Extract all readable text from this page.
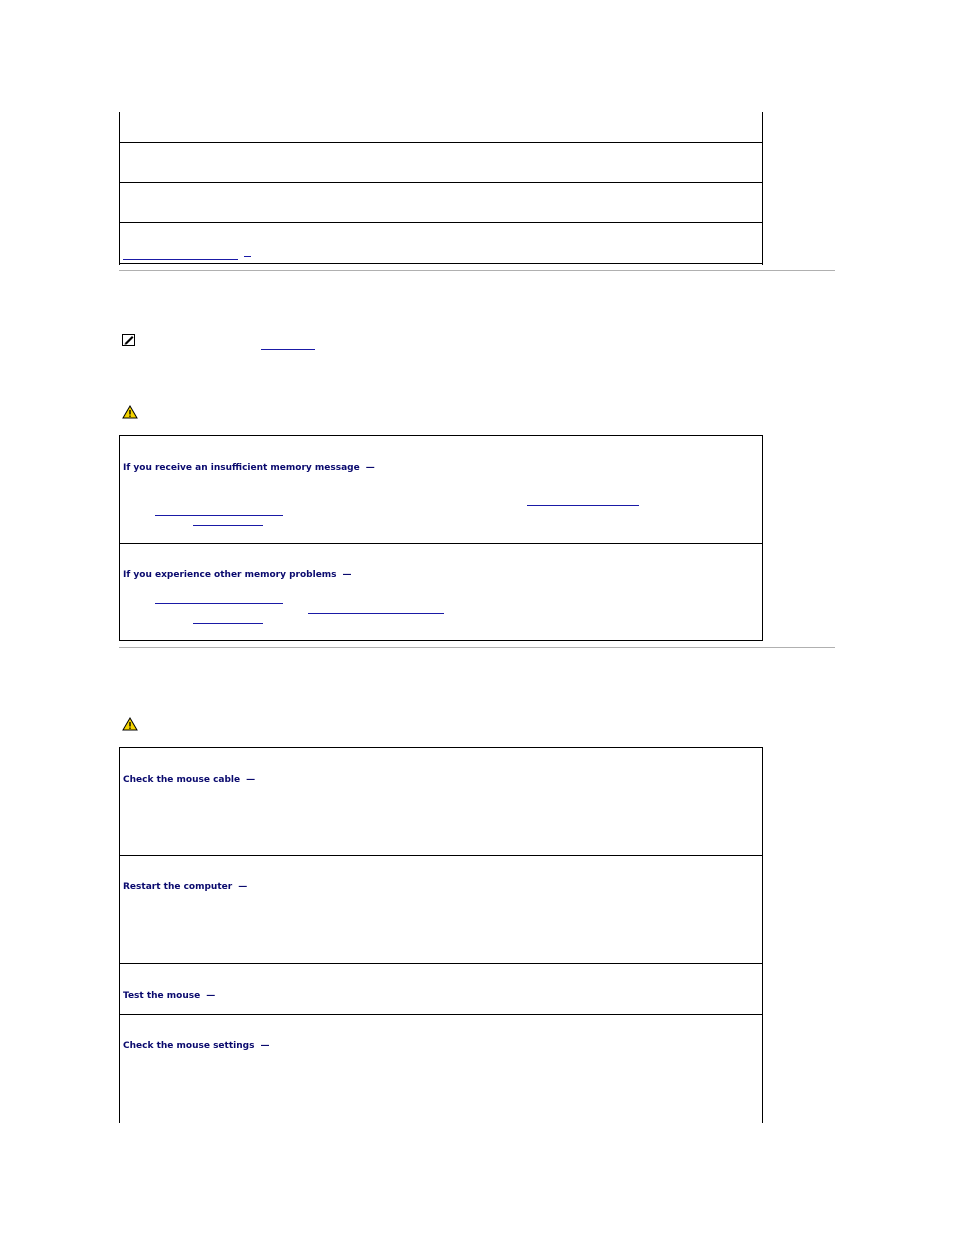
If you receive an insufficient memory message —
If you experience other memory problems —
Check the mouse cable —
Restart the computer —
Test the mouse —
Check the mouse settings —
